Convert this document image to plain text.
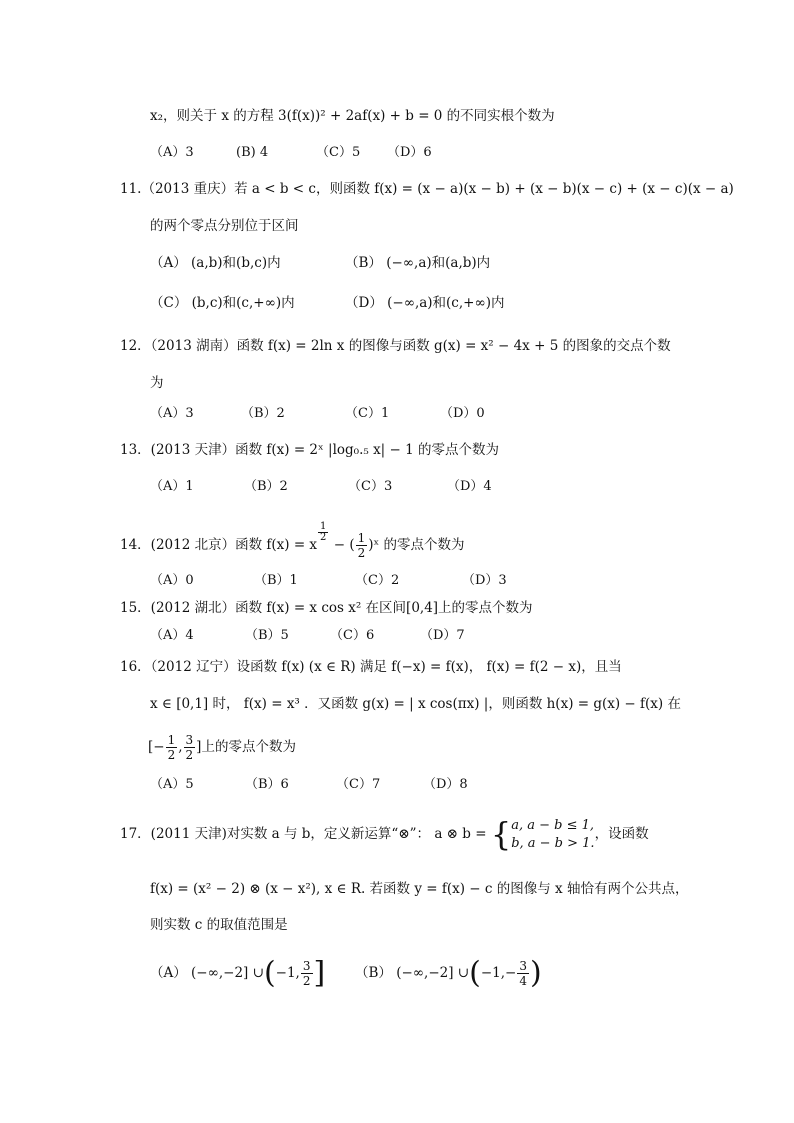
x₂，则关于 x 的方程 3(f(x))² + 2af(x) + b = 0 的不同实根个数为
（A）3	(B) 4	（C）5 （D）6
11.（2013 重庆）若 a < b < c，则函数 f(x) = (x − a)(x − b) + (x − b)(x − c) + (x − c)(x − a)
的两个零点分别位于区间
（A） (a,b)和(b,c)内	（B） (−∞,a)和(a,b)内
（C） (b,c)和(c,+∞)内	（D） (−∞,a)和(c,+∞)内
12．（2013 湖南）函数 f(x) = 2ln x 的图像与函数 g(x) = x² − 4x + 5 的图象的交点个数
为
（A）3	（B）2	（C）1	（D）0
13．(2013 天津）函数 f(x) = 2ˣ |log₀.₅ x| − 1 的零点个数为
（A）1	（B）2	（C）3	（D）4
14．(2012 北京）函数 f(x) = x
$^{\frac{1}{2}}$
− ( $\frac{1}{2}$ )ˣ 的零点个数为
（A）0	（B）1	（C）2	（D）3
15．(2012 湖北）函数 f(x) = x cos x² 在区间[0,4]上的零点个数为
（A）4	（B）5	（C）6	（D）7
16．（2012 辽宁）设函数 f(x) (x ∈ R) 满足 f(−x) = f(x)， f(x) = f(2 − x)，且当
x ∈ [0,1] 时， f(x) = x³ ．又函数 g(x) = | x cos(πx) |，则函数 h(x) = g(x) − f(x) 在
[− $\frac{1}{2}$ , $\frac{3}{2}$ ]上的零点个数为
（A）5	（B）6	（C）7	（D）8
17．(2011 天津)对实数 a 与 b，定义新运算“⊗”： a ⊗ b = { a, a − b ≤ 1,
b, a − b > 1.
，设函数
f(x) = (x² − 2) ⊗ (x − x²), x ∈ R. 若函数 y = f(x) − c 的图像与 x 轴恰有两个公共点，
则实数 c 的取值范围是
（A） (−∞,−2] ∪(−1, $\frac{3}{2}$ ] （B） (−∞,−2] ∪(−1,− $\frac{3}{4}$ )
